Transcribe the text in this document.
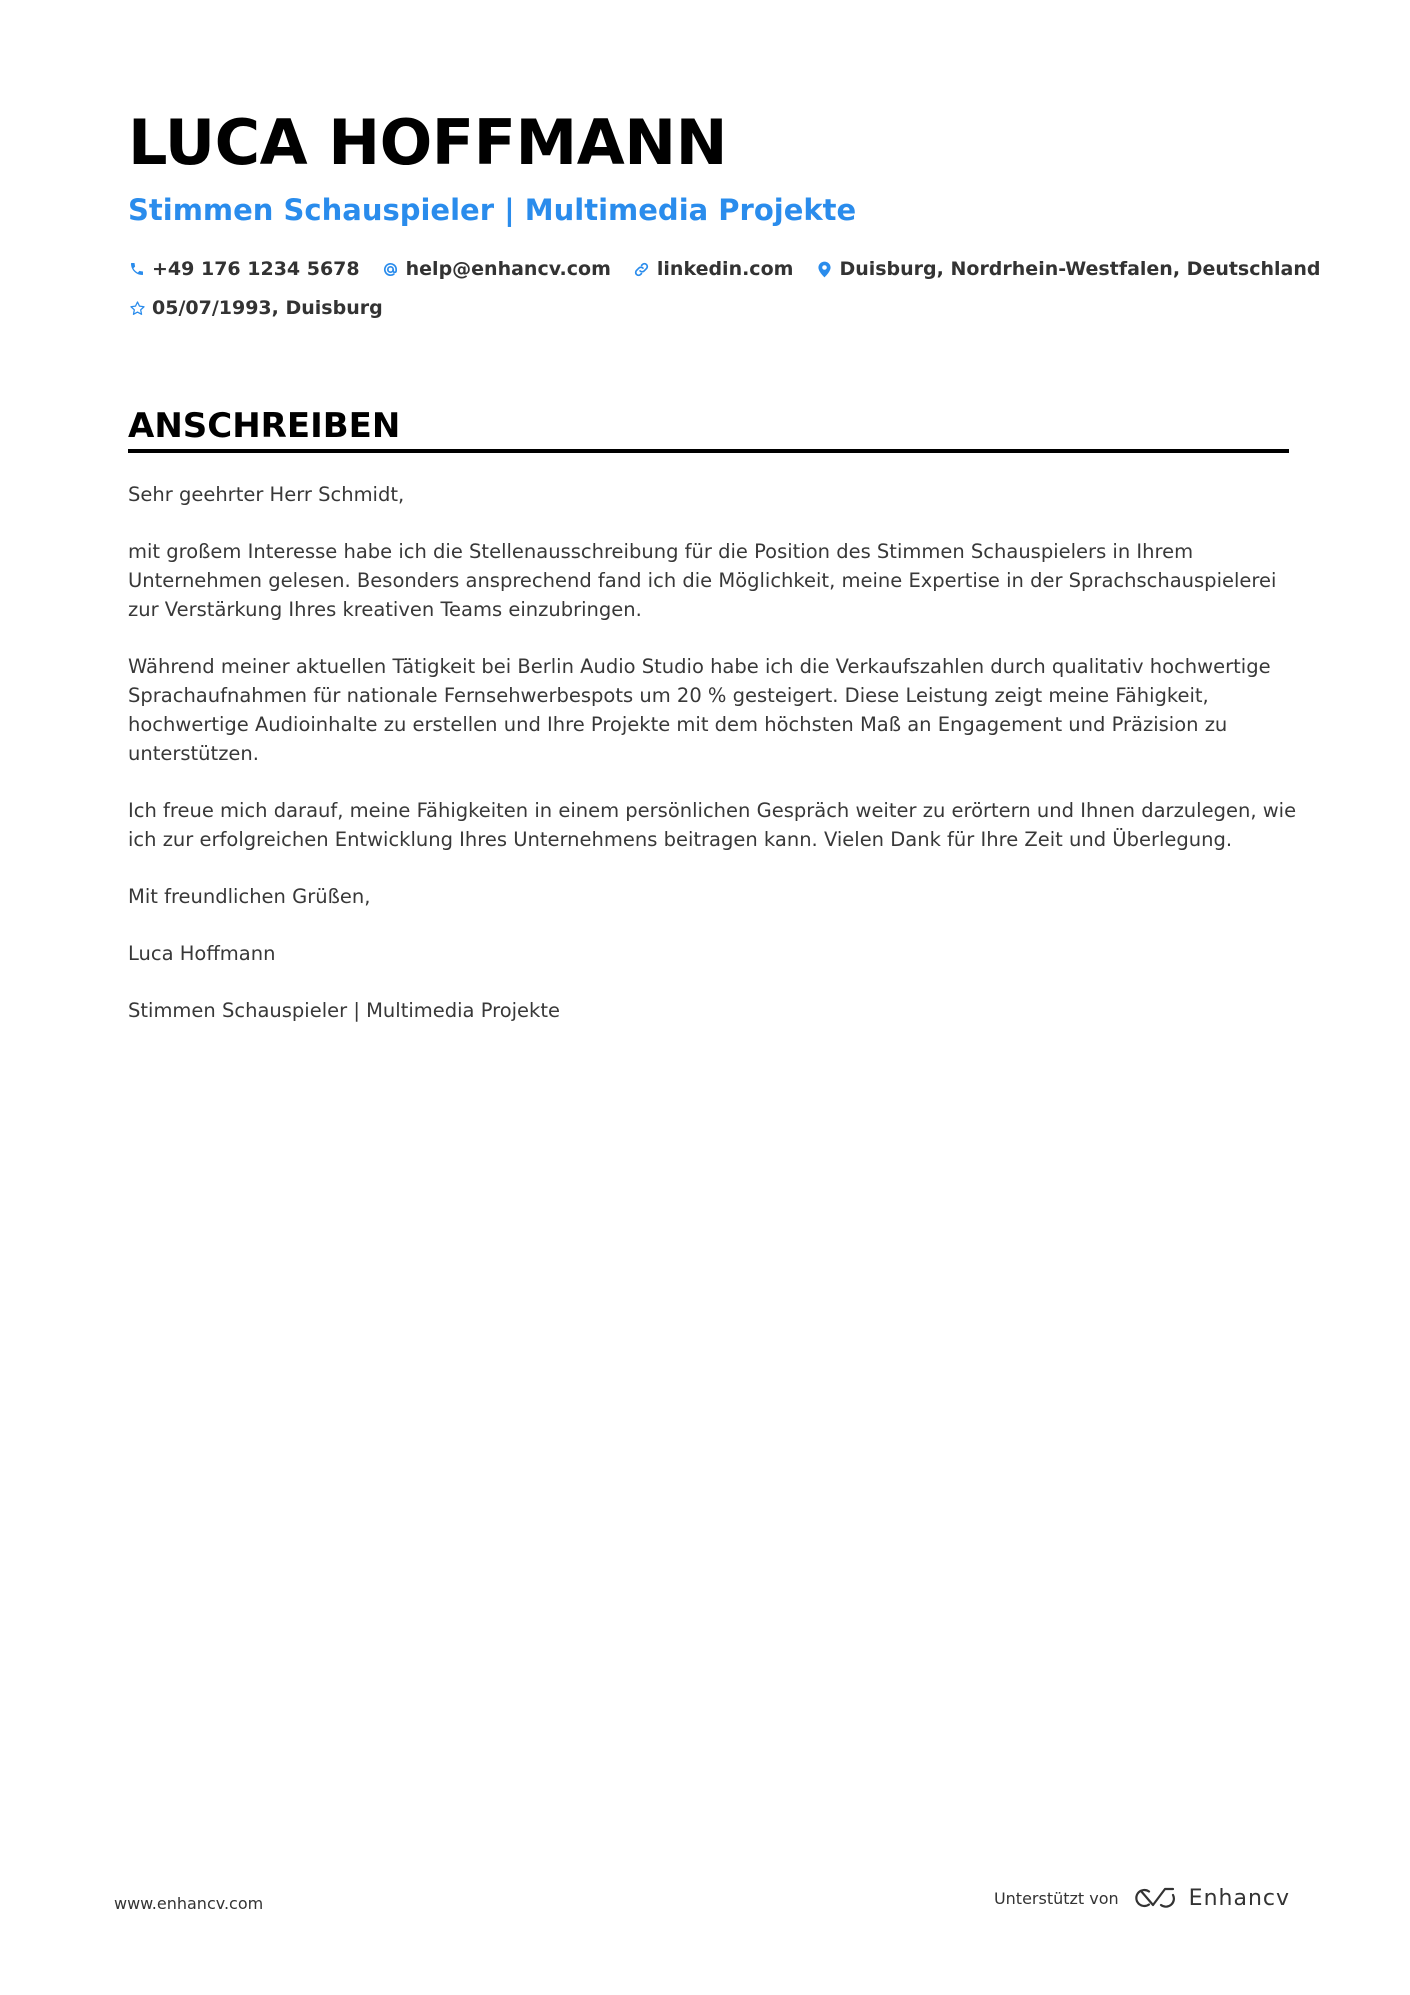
LUCA HOFFMANN
Stimmen Schauspieler | Multimedia Projekte
+49 176 1234 5678 help@enhancv.com linkedin.com Duisburg, Nordrhein-Westfalen, Deutschland
05/07/1993, Duisburg
ANSCHREIBEN

Sehr geehrter Herr Schmidt,

mit großem Interesse habe ich die Stellenausschreibung für die Position des Stimmen Schauspielers in Ihrem Unternehmen gelesen. Besonders ansprechend fand ich die Möglichkeit, meine Expertise in der Sprachschauspielerei zur Verstärkung Ihres kreativen Teams einzubringen.

Während meiner aktuellen Tätigkeit bei Berlin Audio Studio habe ich die Verkaufszahlen durch qualitativ hochwertige Sprachaufnahmen für nationale Fernsehwerbespots um 20 % gesteigert. Diese Leistung zeigt meine Fähigkeit, hochwertige Audioinhalte zu erstellen und Ihre Projekte mit dem höchsten Maß an Engagement und Präzision zu unterstützen.

Ich freue mich darauf, meine Fähigkeiten in einem persönlichen Gespräch weiter zu erörtern und Ihnen darzulegen, wie ich zur erfolgreichen Entwicklung Ihres Unternehmens beitragen kann. Vielen Dank für Ihre Zeit und Überlegung.

Mit freundlichen Grüßen,

Luca Hoffmann

Stimmen Schauspieler | Multimedia Projekte

www.enhancv.com	Unterstützt von	Enhancv
